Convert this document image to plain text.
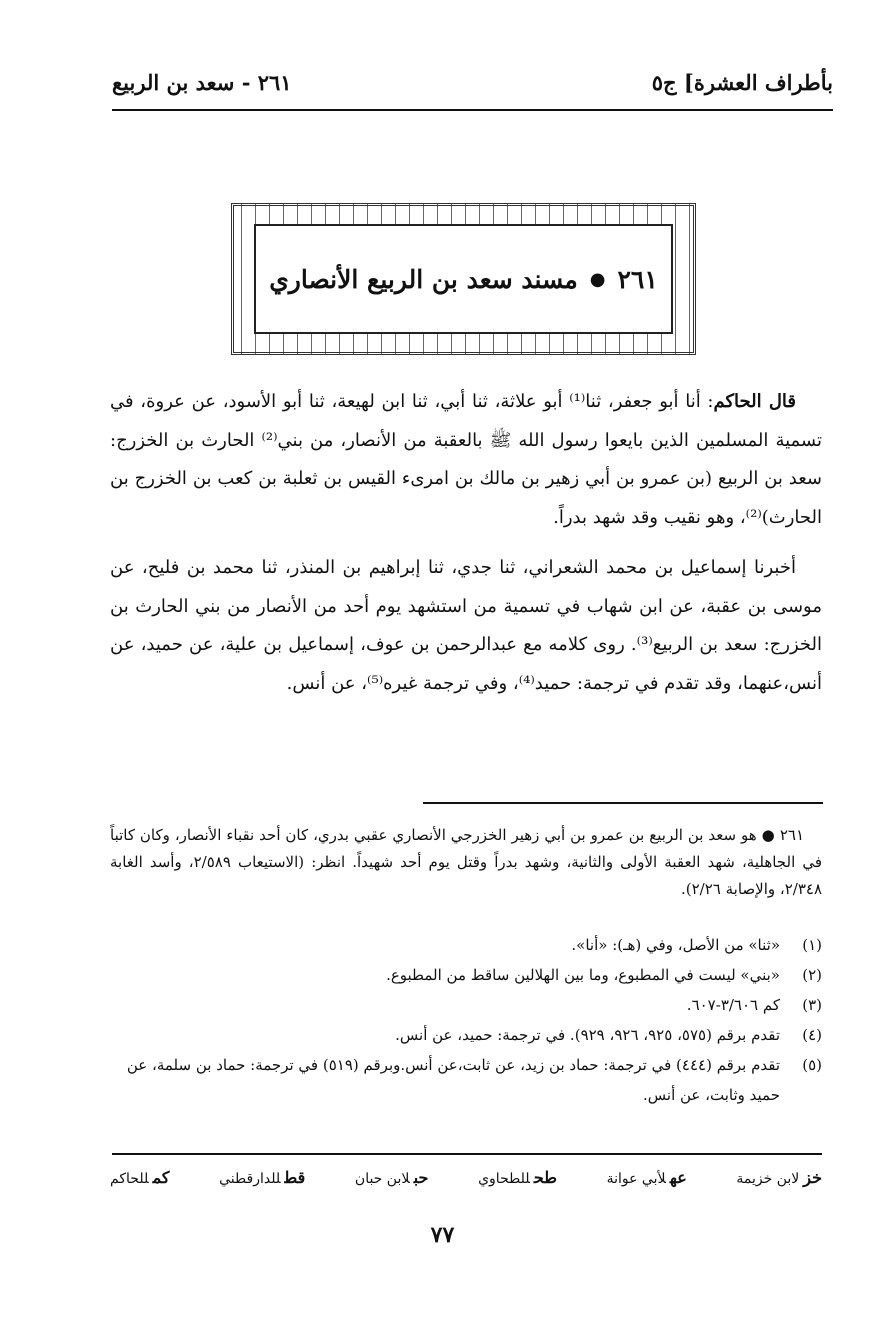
بأطراف العشرة] ج٥
٢٦١ - سعد بن الربيع
٢٦١
●
مسند سعد بن الربيع الأنصاري

قال الحاكم: أنا أبو جعفر، ثنا⁽¹⁾ أبو علاثة، ثنا أبي، ثنا ابن لهيعة، ثنا أبو الأسود، عن عروة، في تسمية المسلمين الذين بايعوا رسول الله ﷺ بالعقبة من الأنصار، من بني⁽²⁾ الحارث بن الخزرج: سعد بن الربيع (بن عمرو بن أبي زهير بن مالك بن امرىء القيس بن ثعلبة بن كعب بن الخزرج بن الحارث)⁽²⁾، وهو نقيب وقد شهد بدراً.

أخبرنا إسماعيل بن محمد الشعراني، ثنا جدي، ثنا إبراهيم بن المنذر، ثنا محمد بن فليح، عن موسى بن عقبة، عن ابن شهاب في تسمية من استشهد يوم أحد من الأنصار من بني الحارث بن الخزرج: سعد بن الربيع⁽³⁾. روى كلامه مع عبدالرحمن بن عوف، إسماعيل بن علية، عن حميد، عن أنس،عنهما، وقد تقدم في ترجمة: حميد⁽⁴⁾، وفي ترجمة غيره⁽⁵⁾، عن أنس.

٢٦١ ● هو سعد بن الربيع بن عمرو بن أبي زهير الخزرجي الأنصاري عقبي بدري، كان أحد نقباء الأنصار، وكان كاتباً في الجاهلية، شهد العقبة الأولى والثانية، وشهد بدراً وقتل يوم أحد شهيداً. انظر: (الاستيعاب ٢/٥٨٩، وأسد الغابة ٢/٣٤٨، والإصابة ٢/٢٦).

(١)
«ثنا» من الأصل، وفي (هـ): «أنا».
(٢)
«بني» ليست في المطبوع، وما بين الهلالين ساقط من المطبوع.
(٣)
كم ٣/٦٠٦-٦٠٧.
(٤)
تقدم برقم (٥٧٥، ٩٢٥، ٩٢٦، ٩٢٩). في ترجمة: حميد، عن أنس.
(٥)
تقدم برقم (٤٤٤) في ترجمة: حماد بن زيد، عن ثابت،عن أنس.وبرقم (٥١٩) في ترجمة: حماد بن سلمة، عن حميد وثابت، عن أنس.
خزلابن خزيمة
عهلأبي عوانة
طحللطحاوي
حبلابن حبان
قطللدارقطني
كمللحاكم
٧٧
